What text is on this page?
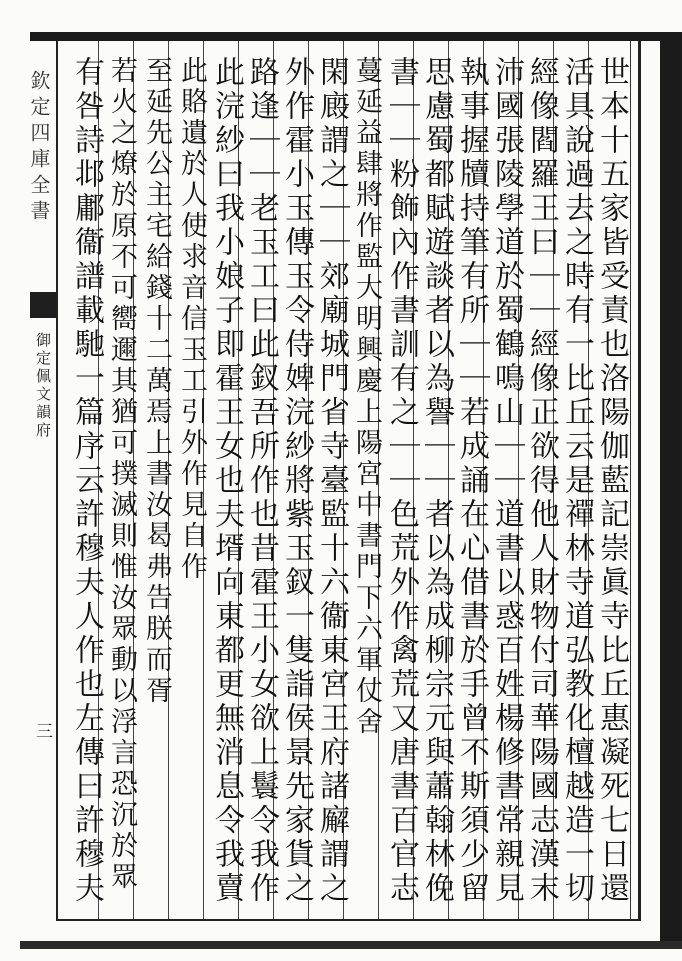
欽定四庫全書
御定佩文韻府
三	世本十五家皆受責也洛陽伽藍記崇眞寺比丘惠凝死七日還
活具說過去之時有一比丘云是禪林寺道弘教化檀越造一切
經像閻羅王曰｜｜經像正欲得他人財物付司華陽國志漢末
沛國張陵學道於蜀鶴鳴山｜｜道書以惑百姓楊修書常親見
執事握牘持筆有所｜｜若成誦在心借書於手曾不斯須少留
思慮蜀都賦遊談者以為譽｜｜者以為成柳宗元與蕭翰林俛
書｜｜粉飾內作書訓有之｜｜色荒外作禽荒又唐書百官志
蔓延益肆將作監大明興慶上陽宮中書門下六軍仗舍
閑廄謂之｜｜郊廟城門省寺臺監十六衞東宮王府諸廨謂之
外作霍小玉傳玉令侍婢浣紗將紫玉釵一隻詣侯景先家貨之
路逢｜｜老玉工曰此釵吾所作也昔霍王小女欲上鬟令我作
此浣紗曰我小娘子即霍王女也夫壻向東都更無消息令我賣
此賂遺於人使求音信玉工引外作見自作
至延先公主宅給錢十二萬焉上書汝曷弗告朕而胥
若火之燎於原不可嚮邇其猶可撲滅則惟汝眾動以浮言恐沉於眾
有咎詩邶鄘衞譜載馳一篇序云許穆夫人作也左傳曰許穆夫
